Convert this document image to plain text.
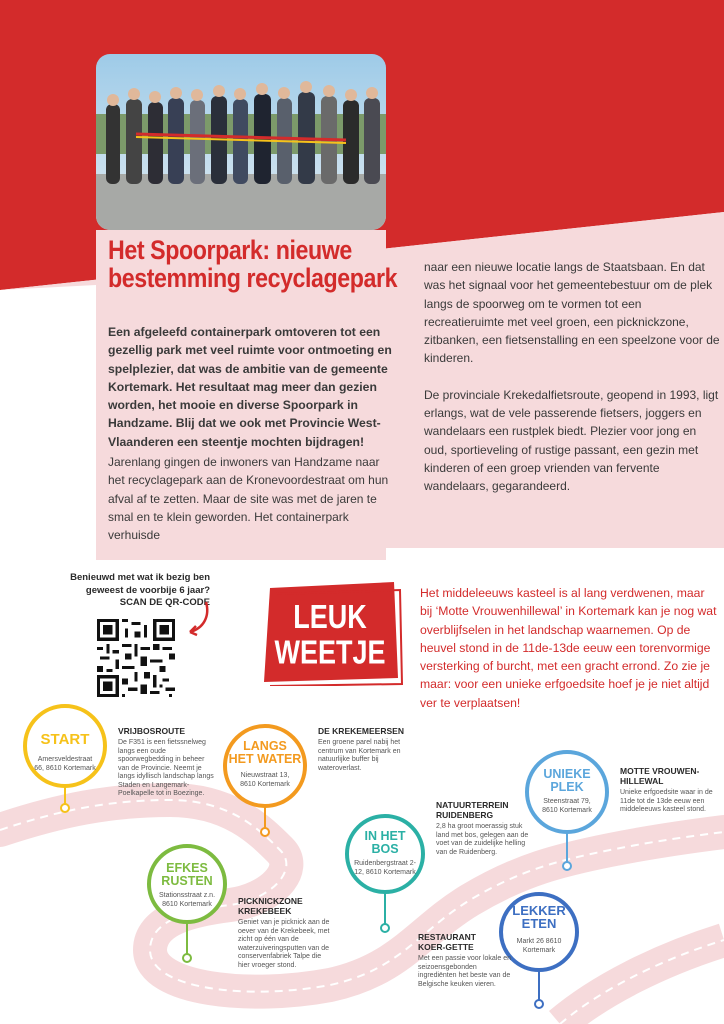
Het Spoorpark: nieuwe
bestemming recyclagepark

Een afgeleefd containerpark omtoveren tot een gezellig park met veel ruimte voor ontmoeting en spelplezier, dat was de ambitie van de gemeente Kortemark. Het resultaat mag meer dan gezien worden, het mooie en diverse Spoorpark in Handzame. Blij dat we ook met Provincie West-Vlaanderen een steentje mochten bijdragen!

Jarenlang gingen de inwoners van Handzame naar het recyclagepark aan de Kronevoordestraat om hun afval af te zetten. Maar de site was met de jaren te smal en te klein geworden. Het containerpark verhuisde

naar een nieuwe locatie langs de Staatsbaan. En dat was het signaal voor het gemeentebestuur om de plek langs de spoorweg om te vormen tot een recreatieruimte met veel groen, een picknickzone, zitbanken, een fietsenstalling en een speelzone voor de kinderen.

De provinciale Krekedalfietsroute, geopend in 1993, ligt erlangs, wat de vele passerende fietsers, joggers en wandelaars een rustplek biedt. Plezier voor jong en oud, sportieveling of rustige passant, een gezin met kinderen of een groep vrienden van fervente wandelaars, gegarandeerd.

Benieuwd met wat ik bezig ben
geweest de voorbije 6 jaar?
SCAN DE QR-CODE	LEUK
WEETJE

Het middeleeuws kasteel is al lang verdwenen, maar bij ‘Motte Vrouwenhillewal’ in Kortemark kan je nog wat overblijfselen in het landschap waarnemen. Op de heuvel stond in de 11de-13de eeuw een torenvormige versterking of burcht, met een gracht errond. Zo zie je maar: voor een unieke erfgoedsite hoef je je niet altijd ver te verplaatsen!

START
Amersveldestraat 66, 8610 Kortemark
VRIJBOSROUTE

De F351 is een fietssnelweg langs een oude spoorwegbedding in beheer van de Provincie. Neemt je langs idyllisch landschap langs Staden en Langemark-Poelkapelle tot in Boezinge.

LANGS
HET WATER
Nieuwstraat 13, 8610 Kortemark
DE KREKEMEERSEN

Een groene parel nabij het centrum van Kortemark en natuurlijke buffer bij wateroverlast.

EFKES
RUSTEN
Stationsstraat z.n. 8610 Kortemark	PICKNICKZONE
KREKEBEEK

Geniet van je picknick aan de oever van de Krekebeek, met zicht op één van de waterzuiveringsputten van de conservenfabriek Talpe die hier vroeger stond.

IN HET
BOS
Ruidenbergstraat 2-12, 8610 Kortemark
NATUURTERREIN
RUIDENBERG

2,8 ha groot moerassig stuk land met bos, gelegen aan de voet van de zuidelijke helling van de Ruidenberg.

UNIEKE
PLEK
Steenstraat 79, 8610 Kortemark
MOTTE VROUWEN-
HILLEWAL

Unieke erfgoedsite waar in de 11de tot de 13de eeuw een middeleeuws kasteel stond.

LEKKER
ETEN
Markt 26 8610 Kortemark
RESTAURANT
KOER-GETTE

Met een passie voor lokale en seizoensgebonden ingrediënten het beste van de Belgische keuken vieren.
